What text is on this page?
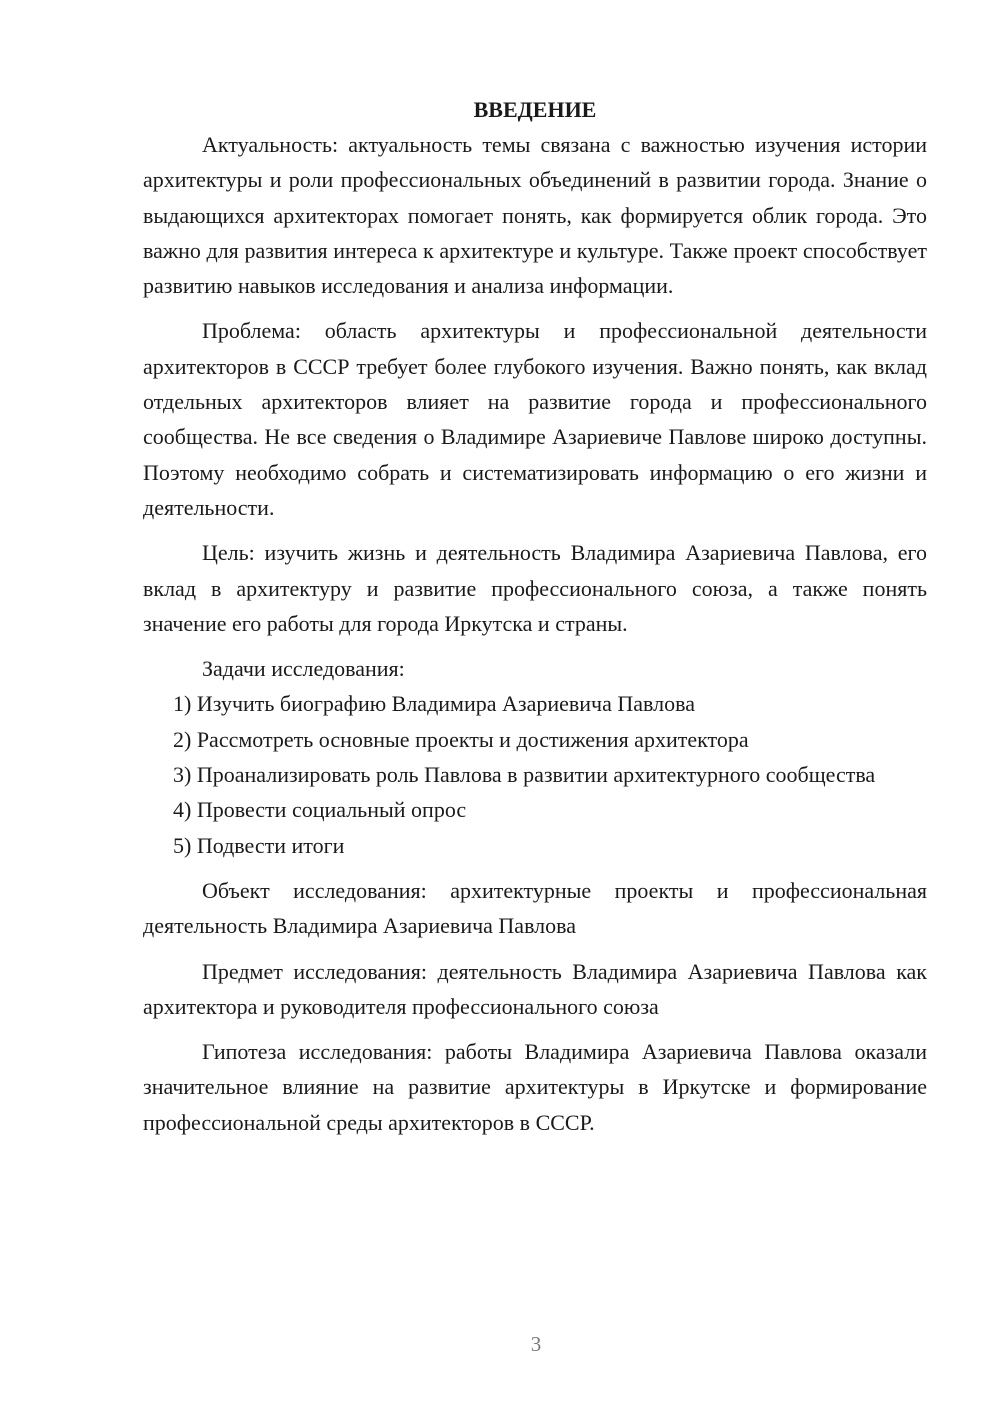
ВВЕДЕНИЕ

Актуальность: актуальность темы связана с важностью изучения истории архитектуры и роли профессиональных объединений в развитии города. Знание о выдающихся архитекторах помогает понять, как формируется облик города. Это важно для развития интереса к архитектуре и культуре. Также проект способствует развитию навыков исследования и анализа информации.

Проблема: область архитектуры и профессиональной деятельности архитекторов в СССР требует более глубокого изучения. Важно понять, как вклад отдельных архитекторов влияет на развитие города и профессионального сообщества. Не все сведения о Владимире Азариевиче Павлове широко доступны. Поэтому необходимо собрать и систематизировать информацию о его жизни и деятельности.

Цель: изучить жизнь и деятельность Владимира Азариевича Павлова, его вклад в архитектуру и развитие профессионального союза, а также понять значение его работы для города Иркутска и страны.

Задачи исследования:

1) Изучить биографию Владимира Азариевича Павлова

2) Рассмотреть основные проекты и достижения архитектора

3) Проанализировать роль Павлова в развитии архитектурного сообщества

4) Провести социальный опрос

5) Подвести итоги

Объект исследования: архитектурные проекты и профессиональная деятельность Владимира Азариевича Павлова

Предмет исследования: деятельность Владимира Азариевича Павлова как архитектора и руководителя профессионального союза

Гипотеза исследования: работы Владимира Азариевича Павлова оказали значительное влияние на развитие архитектуры в Иркутске и формирование профессиональной среды архитекторов в СССР.

3
